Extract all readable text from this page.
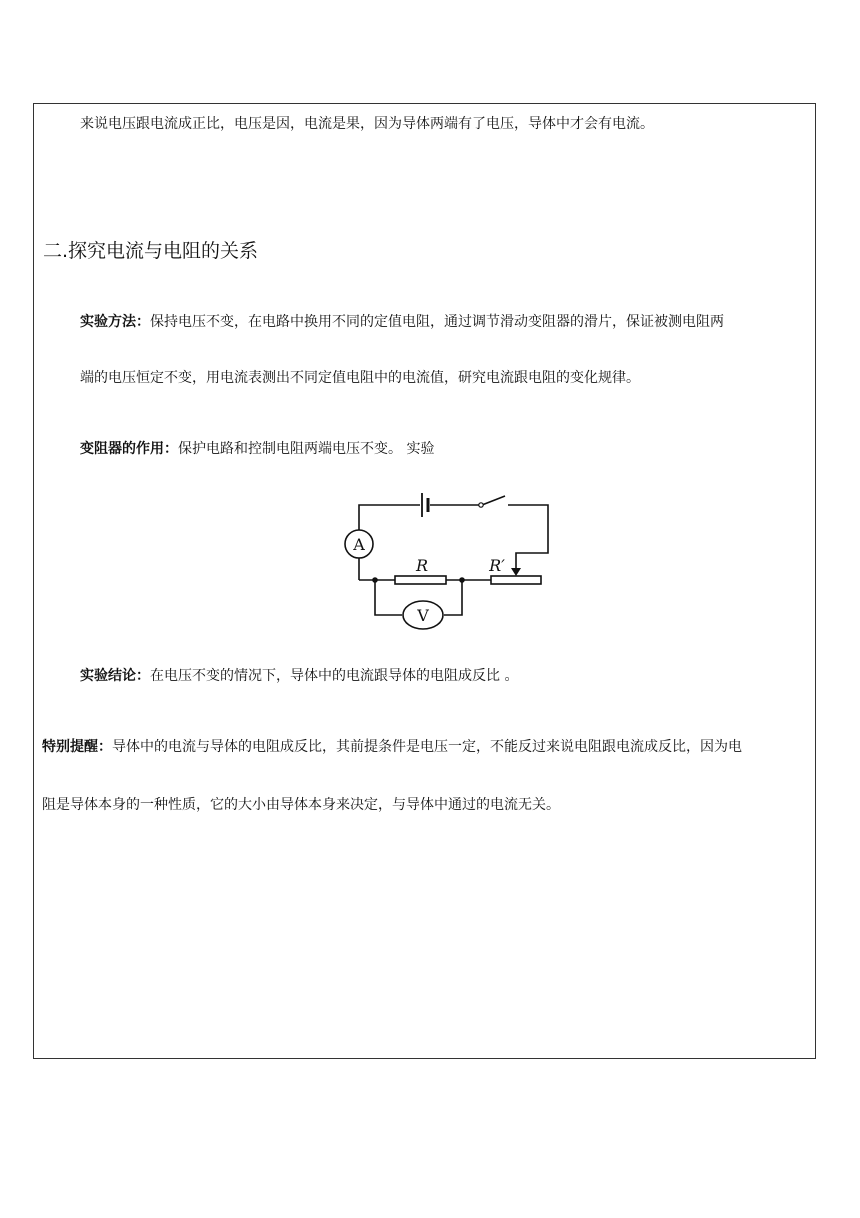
来说电压跟电流成正比，电压是因，电流是果，因为导体两端有了电压，导体中才会有电流。
二.探究电流与电阻的关系
实验方法：保持电压不变，在电路中换用不同的定值电阻，通过调节滑动变阻器的滑片，保证被测电阻两
端的电压恒定不变，用电流表测出不同定值电阻中的电流值，研究电流跟电阻的变化规律。
变阻器的作用：保护电路和控制电阻两端电压不变。 实验
A
V
R	R′
实验结论：在电压不变的情况下，导体中的电流跟导体的电阻成反比 。
特别提醒：导体中的电流与导体的电阻成反比，其前提条件是电压一定，不能反过来说电阻跟电流成反比，因为电
阻是导体本身的一种性质，它的大小由导体本身来决定，与导体中通过的电流无关。
